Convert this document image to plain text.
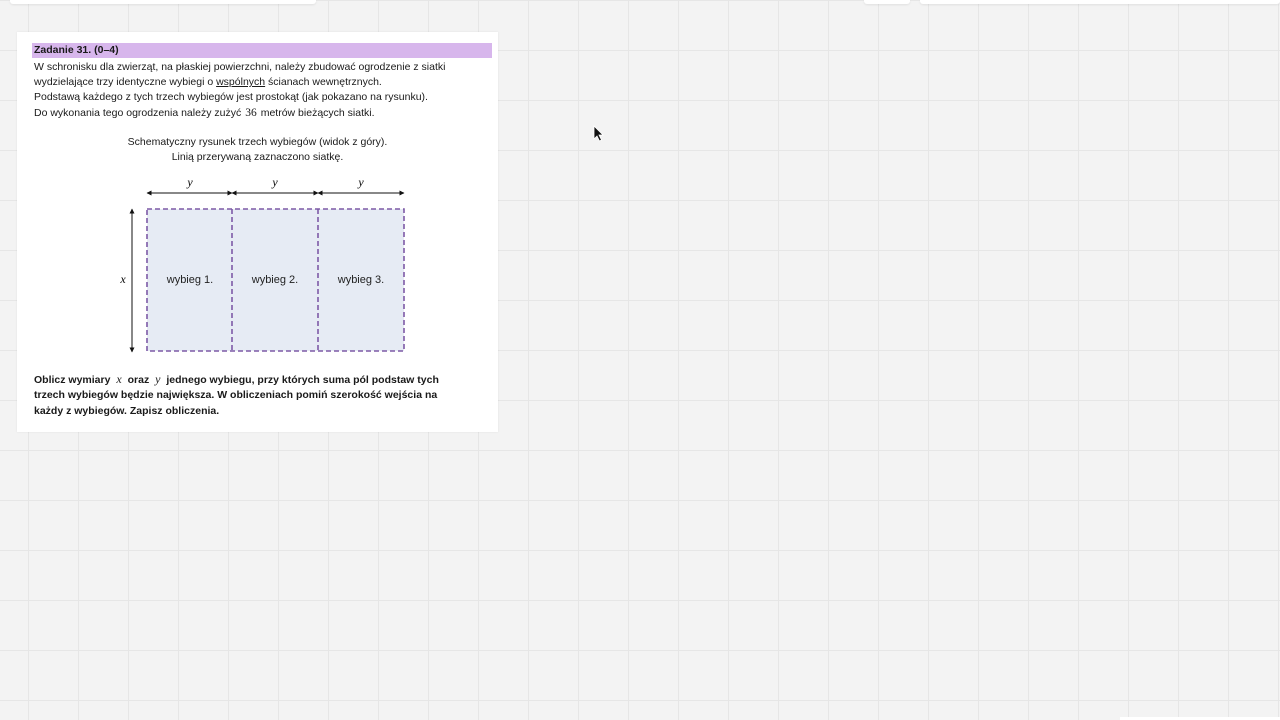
Zadanie 31. (0–4)

W schronisku dla zwierząt, na płaskiej powierzchni, należy zbudować ogrodzenie z siatki

wydzielające trzy identyczne wybiegi o wspólnych ścianach wewnętrznych.

Podstawą każdego z tych trzech wybiegów jest prostokąt (jak pokazano na rysunku).

Do wykonania tego ogrodzenia należy zużyć 36 metrów bieżących siatki.

Schematyczny rysunek trzech wybiegów (widok z góry).
Linią przerywaną zaznaczono siatkę.
y	y	y
x	wybieg 1.	wybieg 2.	wybieg 3.

Oblicz wymiary x oraz y jednego wybiegu, przy których suma pól podstaw tych

trzech wybiegów będzie największa. W obliczeniach pomiń szerokość wejścia na

każdy z wybiegów. Zapisz obliczenia.
